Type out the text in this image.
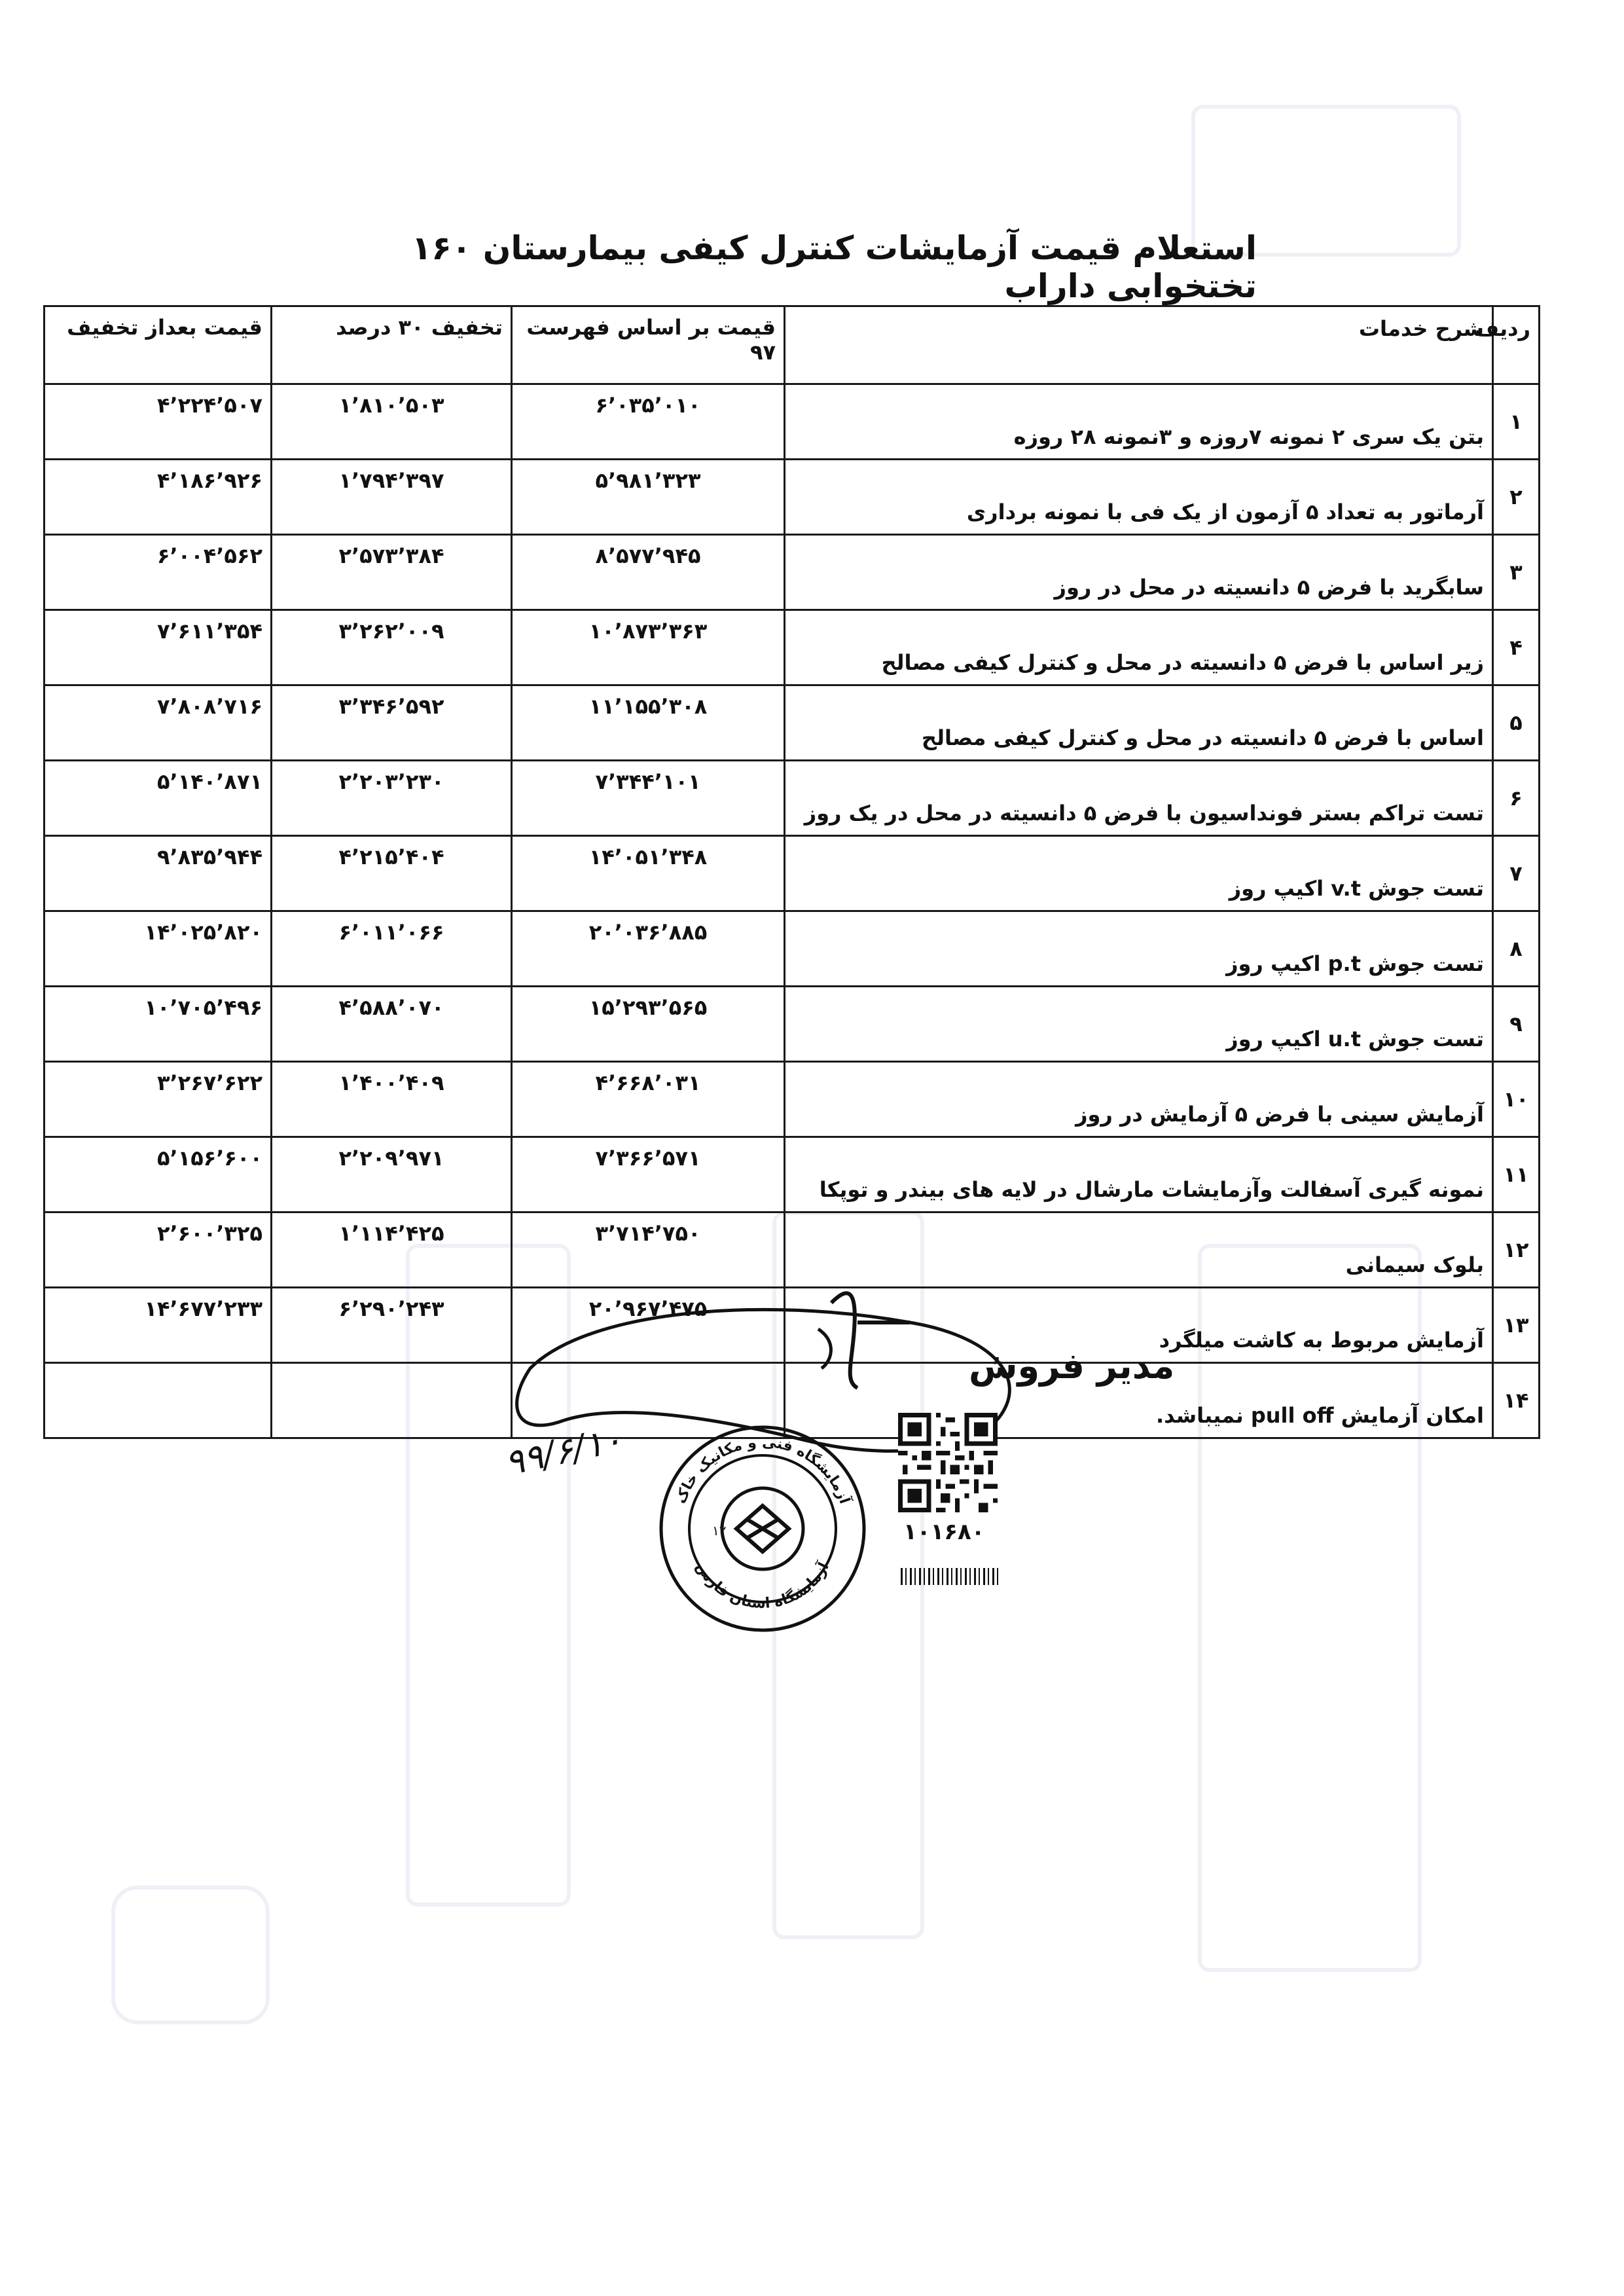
استعلام قیمت آزمایشات کنترل کیفی بیمارستان ۱۶۰ تختخوابی داراب
ردیف	شرح خدمات	قیمت بر اساس فهرست ۹۷	تخفیف ۳۰ درصد	قیمت بعداز تخفیف
۱	بتن یک سری ۲ نمونه ۷روزه و ۳نمونه ۲۸ روزه	۶٬۰۳۵٬۰۱۰	۱٬۸۱۰٬۵۰۳	۴٬۲۲۴٬۵۰۷
۲	آرماتور به تعداد ۵ آزمون از یک فی با نمونه برداری	۵٬۹۸۱٬۳۲۳	۱٬۷۹۴٬۳۹۷	۴٬۱۸۶٬۹۲۶
۳	سابگرید با فرض ۵ دانسیته در محل در روز	۸٬۵۷۷٬۹۴۵	۲٬۵۷۳٬۳۸۴	۶٬۰۰۴٬۵۶۲
۴	زیر اساس با فرض ۵ دانسیته در محل و کنترل کیفی مصالح	۱۰٬۸۷۳٬۳۶۳	۳٬۲۶۲٬۰۰۹	۷٬۶۱۱٬۳۵۴
۵	اساس با فرض ۵ دانسیته در محل و کنترل کیفی مصالح	۱۱٬۱۵۵٬۳۰۸	۳٬۳۴۶٬۵۹۲	۷٬۸۰۸٬۷۱۶
۶	تست تراکم بستر فونداسیون با فرض ۵ دانسیته در محل در یک روز	۷٬۳۴۴٬۱۰۱	۲٬۲۰۳٬۲۳۰	۵٬۱۴۰٬۸۷۱
۷	تست جوش v.t اکیپ روز	۱۴٬۰۵۱٬۳۴۸	۴٬۲۱۵٬۴۰۴	۹٬۸۳۵٬۹۴۴
۸	تست جوش p.t اکیپ روز	۲۰٬۰۳۶٬۸۸۵	۶٬۰۱۱٬۰۶۶	۱۴٬۰۲۵٬۸۲۰
۹	تست جوش u.t اکیپ روز	۱۵٬۲۹۳٬۵۶۵	۴٬۵۸۸٬۰۷۰	۱۰٬۷۰۵٬۴۹۶
۱۰	آزمایش سینی با فرض ۵ آزمایش در روز	۴٬۶۶۸٬۰۳۱	۱٬۴۰۰٬۴۰۹	۳٬۲۶۷٬۶۲۲
۱۱	نمونه گیری آسفالت وآزمایشات مارشال در لایه های بیندر و توپکا	۷٬۳۶۶٬۵۷۱	۲٬۲۰۹٬۹۷۱	۵٬۱۵۶٬۶۰۰
۱۲	بلوک سیمانی	۳٬۷۱۴٬۷۵۰	۱٬۱۱۴٬۴۲۵	۲٬۶۰۰٬۳۲۵
۱۳	آزمایش مربوط به کاشت میلگرد	۲۰٬۹۶۷٬۴۷۵	۶٬۲۹۰٬۲۴۳	۱۴٬۶۷۷٬۲۳۳
۱۴	امکان آزمایش pull off نمیباشد.			
مدیر فروش
۹۹/۶/۱۰
آزمایشگاه فنی و مکانیک خاک
آزمایشگاه استان فارس
۱۲	۱۰۱۶۸۰
